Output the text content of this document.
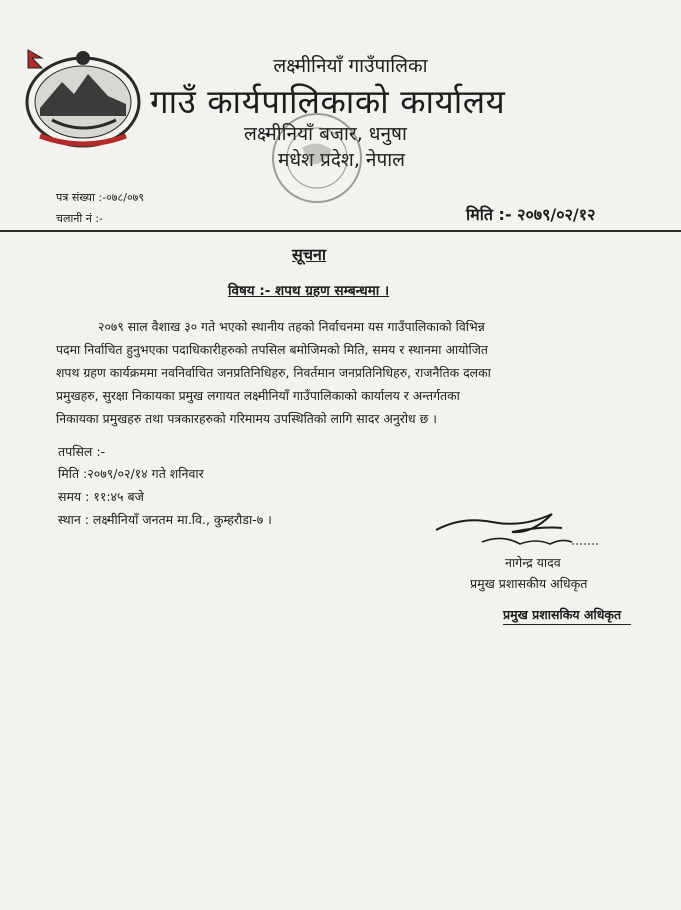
लक्ष्मीनियाँ गाउँपालिका
गाउँ कार्यपालिकाको कार्यालय
लक्ष्मीनियाँ बजार, धनुषा
मधेश प्रदेश, नेपाल
पत्र संख्या :-०७८/०७९
चलानी नं :-	मिति :- २०७९/०२/१२
सूचना
विषय :- शपथ ग्रहण सम्बन्धमा ।
२०७९ साल वैशाख ३० गते भएको स्थानीय तहको निर्वाचनमा यस गाउँपालिकाको विभिन्न
पदमा निर्वाचित हुनुभएका पदाधिकारीहरुको तपसिल बमोजिमको मिति, समय र स्थानमा आयोजित
शपथ ग्रहण कार्यक्रममा नवनिर्वाचित जनप्रतिनिधिहरु, निवर्तमान जनप्रतिनिधिहरु, राजनैतिक दलका
प्रमुखहरु, सुरक्षा निकायका प्रमुख लगायत लक्ष्मीनियाँ गाउँपालिकाको कार्यालय र अन्तर्गतका
निकायका प्रमुखहरु तथा पत्रकारहरुको गरिमामय उपस्थितिको लागि सादर अनुरोध छ ।
तपसिल :-
मिति :२०७९/०२/१४ गते शनिवार
समय : ११:४५ बजे
स्थान : लक्ष्मीनियाँ जनतम मा.वि., कुम्हरौडा-७ ।
नागेन्द्र यादव
प्रमुख प्रशासकीय अधिकृत
प्रमुख प्रशासकिय अधिकृत
